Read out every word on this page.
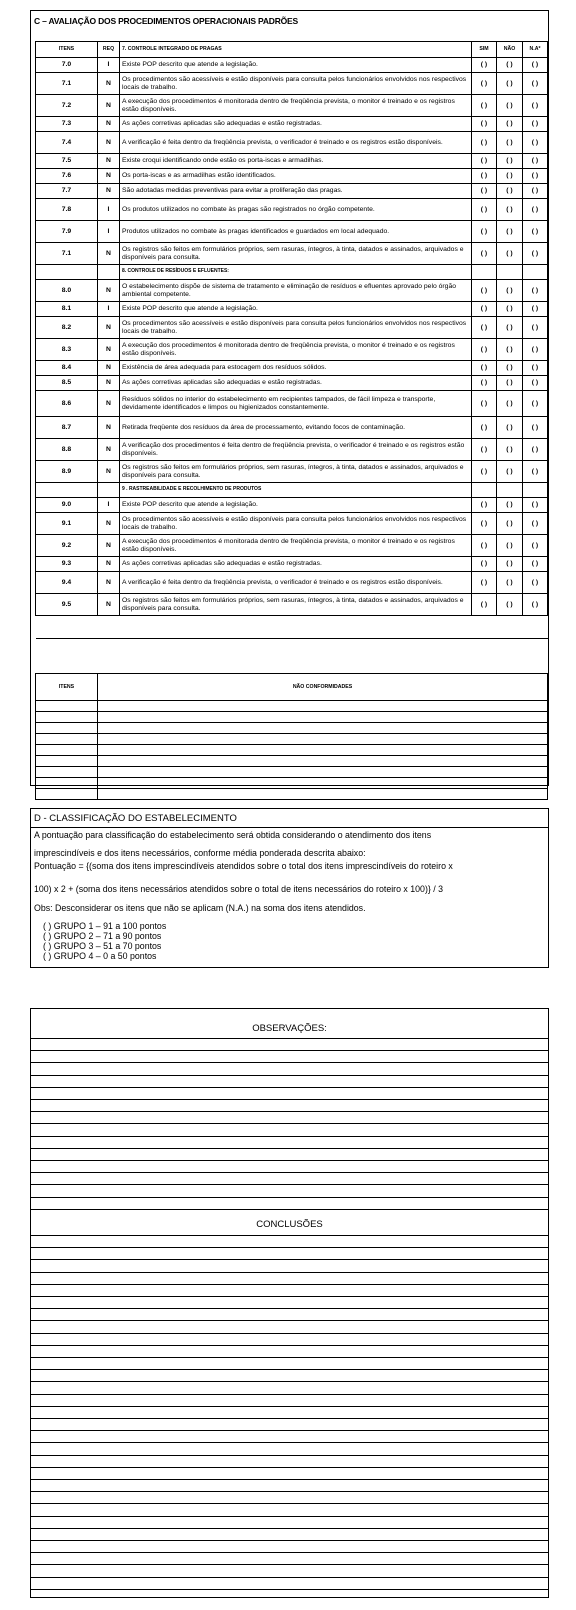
C – AVALIAÇÃO DOS PROCEDIMENTOS OPERACIONAIS PADRÕES
ITENS	REQ	7. CONTROLE INTEGRADO DE PRAGAS	SIM	NÃO	N.A*
7.0	I	Existe POP descrito que atende a legislação.	( )	( )	( )
7.1	N	Os procedimentos são acessíveis e estão disponíveis para consulta pelos funcionários envolvidos nos respectivos locais de trabalho.	( )	( )	( )
7.2	N	A execução dos procedimentos é monitorada dentro de freqüência prevista, o monitor é treinado e os registros estão disponíveis.	( )	( )	( )
7.3	N	As ações corretivas aplicadas são adequadas e estão registradas.	( )	( )	( )
7.4	N	A verificação é feita dentro da freqüência prevista, o verificador é treinado e os registros estão disponíveis.	( )	( )	( )
7.5	N	Existe croqui identificando onde estão os porta-iscas e armadilhas.	( )	( )	( )
7.6	N	Os porta-iscas e as armadilhas estão identificados.	( )	( )	( )
7.7	N	São adotadas medidas preventivas para evitar a proliferação das pragas.	( )	( )	( )
7.8	I	Os produtos utilizados no combate às pragas são registrados no órgão competente.	( )	( )	( )
7.9	I	Produtos utilizados no combate às pragas identificados e guardados em local adequado.	( )	( )	( )
7.1	N	Os registros são feitos em formulários próprios, sem rasuras, íntegros, à tinta, datados e assinados, arquivados e disponíveis para consulta.	( )	( )	( )
		8. CONTROLE DE RESÍDUOS E EFLUENTES:			
8.0	N	O estabelecimento dispõe de sistema de tratamento e eliminação de resíduos e efluentes aprovado pelo órgão ambiental competente.	( )	( )	( )
8.1	I	Existe POP descrito que atende a legislação.	( )	( )	( )
8.2	N	Os procedimentos são acessíveis e estão disponíveis para consulta pelos funcionários envolvidos nos respectivos locais de trabalho.	( )	( )	( )
8.3	N	A execução dos procedimentos é monitorada dentro de freqüência prevista, o monitor é treinado e os registros estão disponíveis.	( )	( )	( )
8.4	N	Existência de área adequada para estocagem dos resíduos sólidos.	( )	( )	( )
8.5	N	As ações corretivas aplicadas são adequadas e estão registradas.	( )	( )	( )
8.6	N	Resíduos sólidos no interior do estabelecimento em recipientes tampados, de fácil limpeza e transporte, devidamente identificados e limpos ou higienizados constantemente.	( )	( )	( )
8.7	N	Retirada freqüente dos resíduos da área de processamento, evitando focos de contaminação.	( )	( )	( )
8.8	N	A verificação dos procedimentos é feita dentro de freqüência prevista, o verificador é treinado e os registros estão disponíveis.	( )	( )	( )
8.9	N	Os registros são feitos em formulários próprios, sem rasuras, íntegros, à tinta, datados e assinados, arquivados e disponíveis para consulta.	( )	( )	( )
		9 . RASTREABILIDADE E RECOLHIMENTO DE PRODUTOS			
9.0	I	Existe POP descrito que atende a legislação.	( )	( )	( )
9.1	N	Os procedimentos são acessíveis e estão disponíveis para consulta pelos funcionários envolvidos nos respectivos locais de trabalho.	( )	( )	( )
9.2	N	A execução dos procedimentos é monitorada dentro de freqüência prevista, o monitor é treinado e os registros estão disponíveis.	( )	( )	( )
9.3	N	As ações corretivas aplicadas são adequadas e estão registradas.	( )	( )	( )
9.4	N	A verificação é feita dentro da freqüência prevista, o verificador é treinado e os registros estão disponíveis.	( )	( )	( )
9.5	N	Os registros são feitos em formulários próprios, sem rasuras, íntegros, à tinta, datados e assinados, arquivados e disponíveis para consulta.	( )	( )	( )

ITENS	NÃO CONFORMIDADES

D - CLASSIFICAÇÃO DO ESTABELECIMENTO
A pontuação para classificação do estabelecimento será obtida considerando o atendimento dos itens
imprescindíveis e dos itens necessários, conforme média ponderada descrita abaixo:
Pontuação = {(soma dos itens imprescindíveis atendidos sobre o total dos itens imprescindíveis do roteiro x
100) x 2 + (soma dos itens necessários atendidos sobre o total de itens necessários do roteiro x 100)} / 3
Obs: Desconsiderar os itens que não se aplicam (N.A.) na soma dos itens atendidos.
( ) GRUPO 1 – 91 a 100 pontos
( ) GRUPO 2 – 71 a 90 pontos
( ) GRUPO 3 – 51 a 70 pontos
( ) GRUPO 4 – 0 a 50 pontos
OBSERVAÇÕES:
CONCLUSÕES
